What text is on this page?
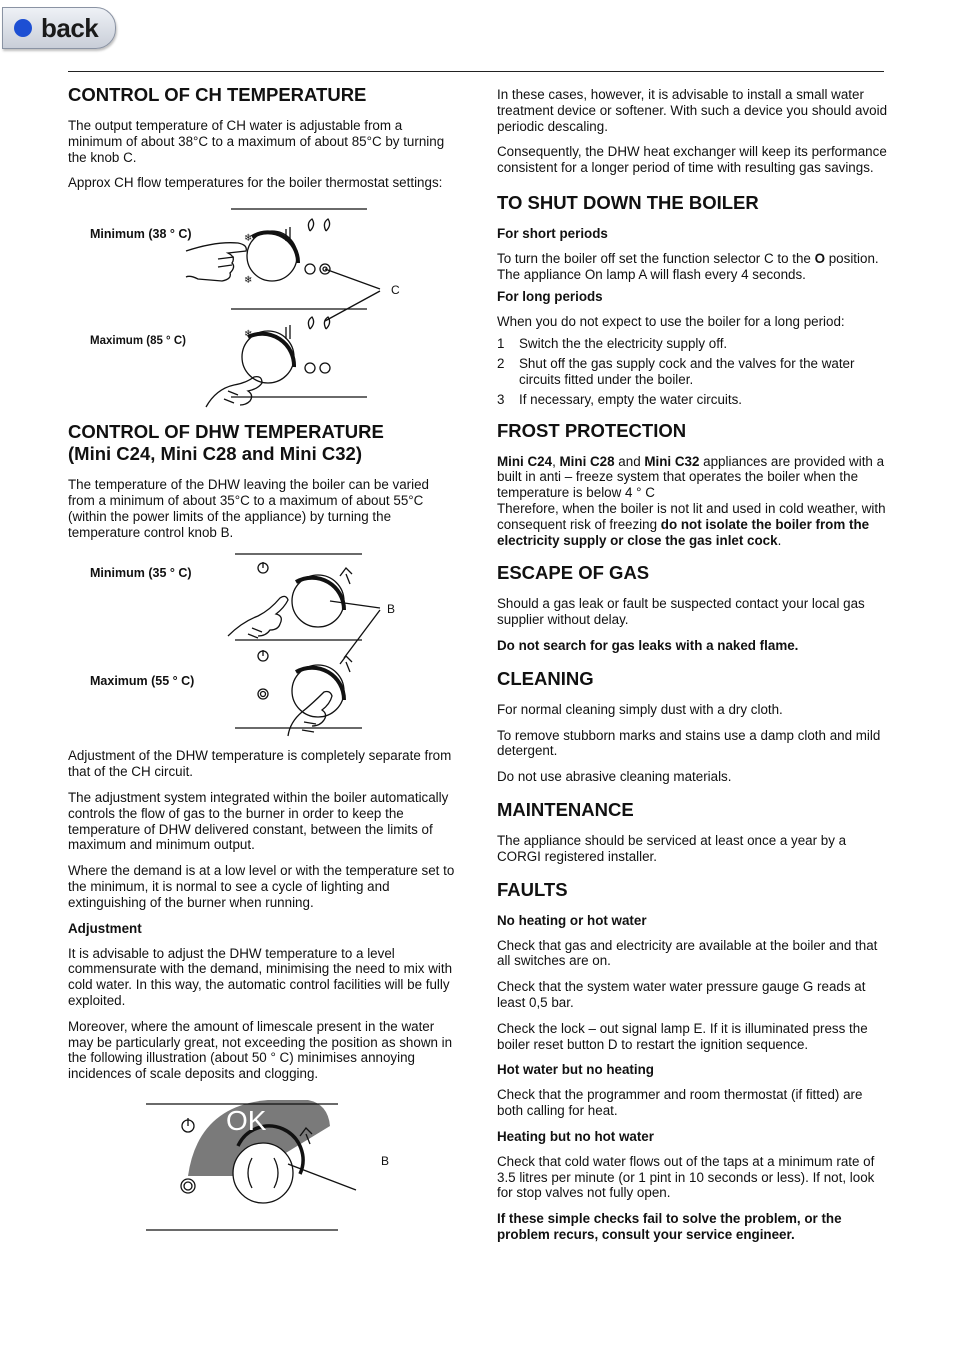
back
CONTROL OF CH TEMPERATURE

The output temperature of CH water is adjustable from a minimum of about 38°C to a maximum of about 85°C by turning the knob C.

Approx CH flow temperatures for the boiler thermostat settings:

❄
❄
❄
Minimum (38 ° C)
Maximum (85 ° C)
C
CONTROL OF DHW TEMPERATURE
(Mini C24, Mini C28 and Mini C32)

The temperature of the DHW leaving the boiler can be varied from a minimum of about 35°C to a maximum of about 55°C (within the power limits of the appliance) by turning the temperature control knob B.

Minimum (35 ° C)
Maximum (55 ° C)
B

Adjustment of the DHW temperature is completely separate from that of the CH circuit.

The adjustment system integrated within the boiler automatically controls the flow of gas to the burner in order to keep the temperature of DHW delivered constant, between the limits of maximum and minimum output.

Where the demand is at a low level or with the temperature set to the minimum, it is normal to see a cycle of lighting and extinguishing of the burner when running.

Adjustment

It is advisable to adjust the DHW temperature to a level commensurate with the demand, minimising the need to mix with cold water. In this way, the automatic control facilities will be fully exploited.

Moreover, where the amount of limescale present in the water may be particularly great, not exceeding the position as shown in the following illustration (about 50 ° C) minimises annoying incidences of scale deposits and clogging.

OK
B

In these cases, however, it is advisable to install a small water treatment device or softener. With such a device you should avoid periodic descaling.

Consequently, the DHW heat exchanger will keep its performance consistent for a longer period of time with resulting gas savings.

TO SHUT DOWN THE BOILER
For short periods

To turn the boiler off set the function selector C to the O position.
The appliance On lamp A will flash every 4 seconds.

For long periods

When you do not expect to use the boiler for a long period:

1	Switch the the electricity supply off.
2	Shut off the gas supply cock and the valves for the water circuits fitted under the boiler.
3	If necessary, empty the water circuits.
FROST PROTECTION

Mini C24, Mini C28 and Mini C32 appliances are provided with a built in anti – freeze system that operates the boiler when the temperature is below 4 ° C
Therefore, when the boiler is not lit and used in cold weather, with consequent risk of freezing do not isolate the boiler from the electricity supply or close the gas inlet cock.

ESCAPE OF GAS

Should a gas leak or fault be suspected contact your local gas supplier without delay.

Do not search for gas leaks with a naked flame.

CLEANING

For normal cleaning simply dust with a dry cloth.

To remove stubborn marks and stains use a damp cloth and mild detergent.

Do not use abrasive cleaning materials.

MAINTENANCE

The appliance should be serviced at least once a year by a CORGI registered installer.

FAULTS
No heating or hot water

Check that gas and electricity are available at the boiler and that all switches are on.

Check that the system water water pressure gauge G reads at least 0,5 bar.

Check the lock – out signal lamp E. If it is illuminated press the boiler reset button D to restart the ignition sequence.

Hot water but no heating

Check that the programmer and room thermostat (if fitted) are both calling for heat.

Heating but no hot water

Check that cold water flows out of the taps at a minimum rate of 3.5 litres per minute (or 1 pint in 10 seconds or less). If not, look for stop valves not fully open.

If these simple checks fail to solve the problem, or the problem recurs, consult your service engineer.
